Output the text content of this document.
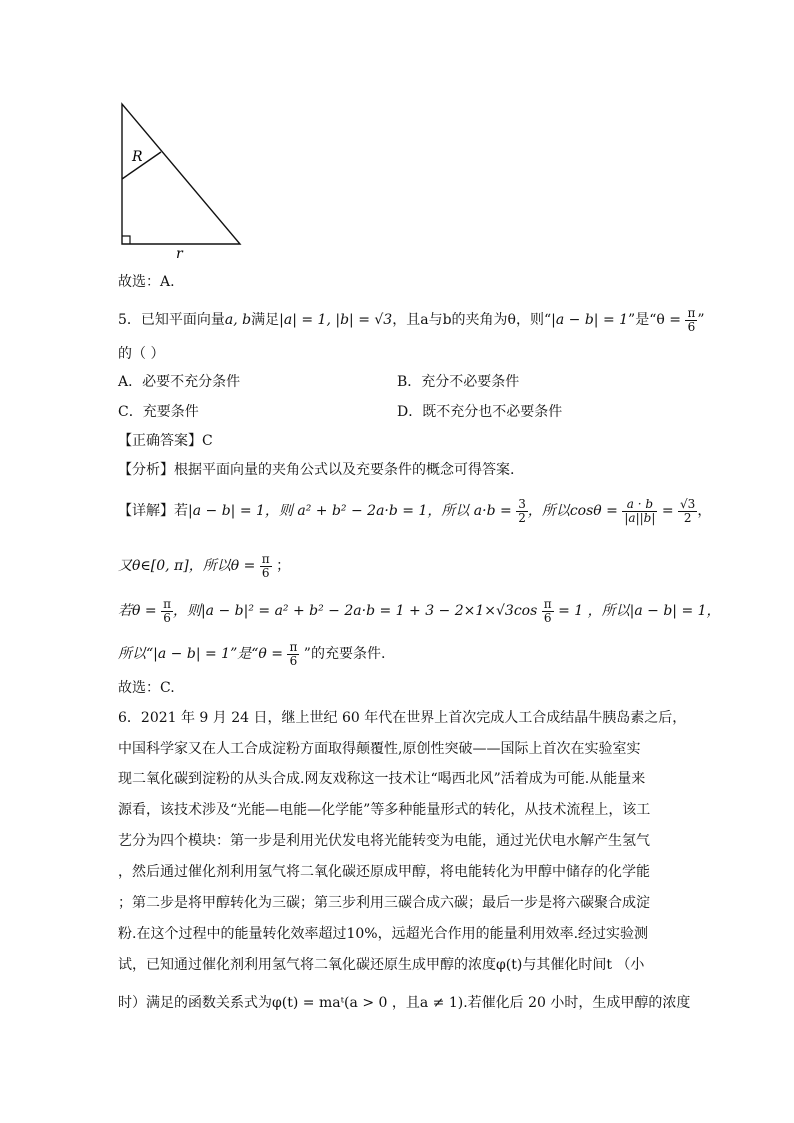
R
r
故选：A.
5．已知平面向量a, b满足|a| = 1, |b| = √3，且a与b的夹角为θ，则“|a − b| = 1”是“$\theta = \frac{\pi}{6}$ ”
的（ ）
A．必要不充分条件	B．充分不必要条件
C．充要条件	D．既不充分也不必要条件
【正确答案】C
【分析】根据平面向量的夹角公式以及充要条件的概念可得答案.
【详解】若|a − b| = 1，则 a² + b² − 2a·b = 1，所以 $a\cdot b = \frac{3}{2}$ ，所以$\cos\theta = \frac{a \cdot b}{|a||b|} = \frac{√3}{2}$ ，
又θ∈[0, π]，所以$\theta = \frac{\pi}{6}$ ；
若$\theta = \frac{\pi}{6}$ ，则$|a - b|^2 = a^2 + b^2 - 2a\cdot b = 1 + 3 - 2\times 1\times√3\cos \frac{\pi}{6} = 1$ ，所以|a − b| = 1，
所以“|a − b| = 1”是“$\theta = \frac{\pi}{6}$ ”的充要条件.
故选：C.
6．2021 年 9 月 24 日，继上世纪 60 年代在世界上首次完成人工合成结晶牛胰岛素之后，
中国科学家又在人工合成淀粉方面取得颠覆性,原创性突破——国际上首次在实验室实
现二氧化碳到淀粉的从头合成.网友戏称这一技术让“喝西北风”活着成为可能.从能量来
源看，该技术涉及“光能—电能—化学能”等多种能量形式的转化，从技术流程上，该工
艺分为四个模块：第一步是利用光伏发电将光能转变为电能，通过光伏电水解产生氢气
，然后通过催化剂利用氢气将二氧化碳还原成甲醇，将电能转化为甲醇中储存的化学能
；第二步是将甲醇转化为三碳；第三步利用三碳合成六碳；最后一步是将六碳聚合成淀
粉.在这个过程中的能量转化效率超过10%，远超光合作用的能量利用效率.经过实验测
试，已知通过催化剂利用氢气将二氧化碳还原生成甲醇的浓度φ(t)与其催化时间t （小
时）满足的函数关系式为φ(t) = maᵗ(a > 0 ，且a ≠ 1).若催化后 20 小时，生成甲醇的浓度
